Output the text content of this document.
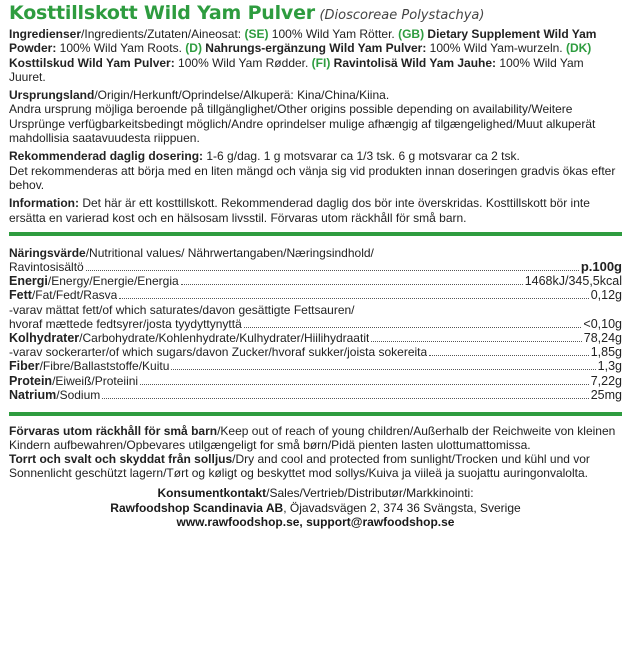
Kosttillskott Wild Yam Pulver (Dioscoreae Polystachya)
Ingredienser/Ingredients/Zutaten/Aineosat: (SE) 100% Wild Yam Rötter. (GB) Dietary Supplement Wild Yam Powder: 100% Wild Yam Roots. (D) Nahrungs-ergänzung Wild Yam Pulver: 100% Wild Yam-wurzeln. (DK) Kosttilskud Wild Yam Pulver: 100% Wild Yam Rødder. (FI) Ravintolisä Wild Yam Jauhe: 100% Wild Yam Juuret.
Ursprungsland/Origin/Herkunft/Oprindelse/Alkuperä: Kina/China/Kiina.
Andra ursprung möjliga beroende på tillgänglighet/Other origins possible depending on availability/Weitere Ursprünge verfügbarkeitsbedingt möglich/Andre oprindelser mulige afhængig af tilgængelighed/Muut alkuperät mahdollisia saatavuudesta riippuen.
Rekommenderad daglig dosering: 1-6 g/dag. 1 g motsvarar ca 1/3 tsk. 6 g motsvarar ca 2 tsk.
Det rekommenderas att börja med en liten mängd och vänja sig vid produkten innan doseringen gradvis ökas efter behov.
Information: Det här är ett kosttillskott. Rekommenderad daglig dos bör inte överskridas. Kosttillskott bör inte ersätta en varierad kost och en hälsosam livsstil. Förvaras utom räckhåll för små barn.
Näringsvärde/Nutritional values/ Nährwertangaben/Næringsindhold/
Ravintosisältö	p.100g
Energi/Energy/Energie/Energia	1468kJ/345,5kcal
Fett/Fat/Fedt/Rasva	0,12g
-varav mättat fett/of which saturates/davon gesättigte Fettsauren/
hvoraf mættede fedtsyrer/josta tyydyttynyttä	<0,10g
Kolhydrater/Carbohydrate/Kohlenhydrate/Kulhydrater/Hiilihydraatit	78,24g
-varav sockerarter/of which sugars/davon Zucker/hvoraf sukker/joista sokereita	1,85g
Fiber/Fibre/Ballaststoffe/Kuitu	1,3g
Protein/Eiweiß/Proteiini	7,22g
Natrium/Sodium	25mg

Förvaras utom räckhåll för små barn/Keep out of reach of young children/Außerhalb der Reichweite von kleinen Kindern aufbewahren/Opbevares utilgængeligt for små børn/Pidä pienten lasten ulottumattomissa.

Torrt och svalt och skyddat från solljus/Dry and cool and protected from sunlight/Trocken und kühl und vor Sonnenlicht geschützt lagern/Tørt og køligt og beskyttet mod sollys/Kuiva ja viileä ja suojattu auringonvalolta.

Konsumentkontakt/Sales/Vertrieb/Distributør/Markkinointi:

Rawfoodshop Scandinavia AB, Öjavadsvägen 2, 374 36 Svängsta, Sverige

www.rawfoodshop.se, support@rawfoodshop.se
